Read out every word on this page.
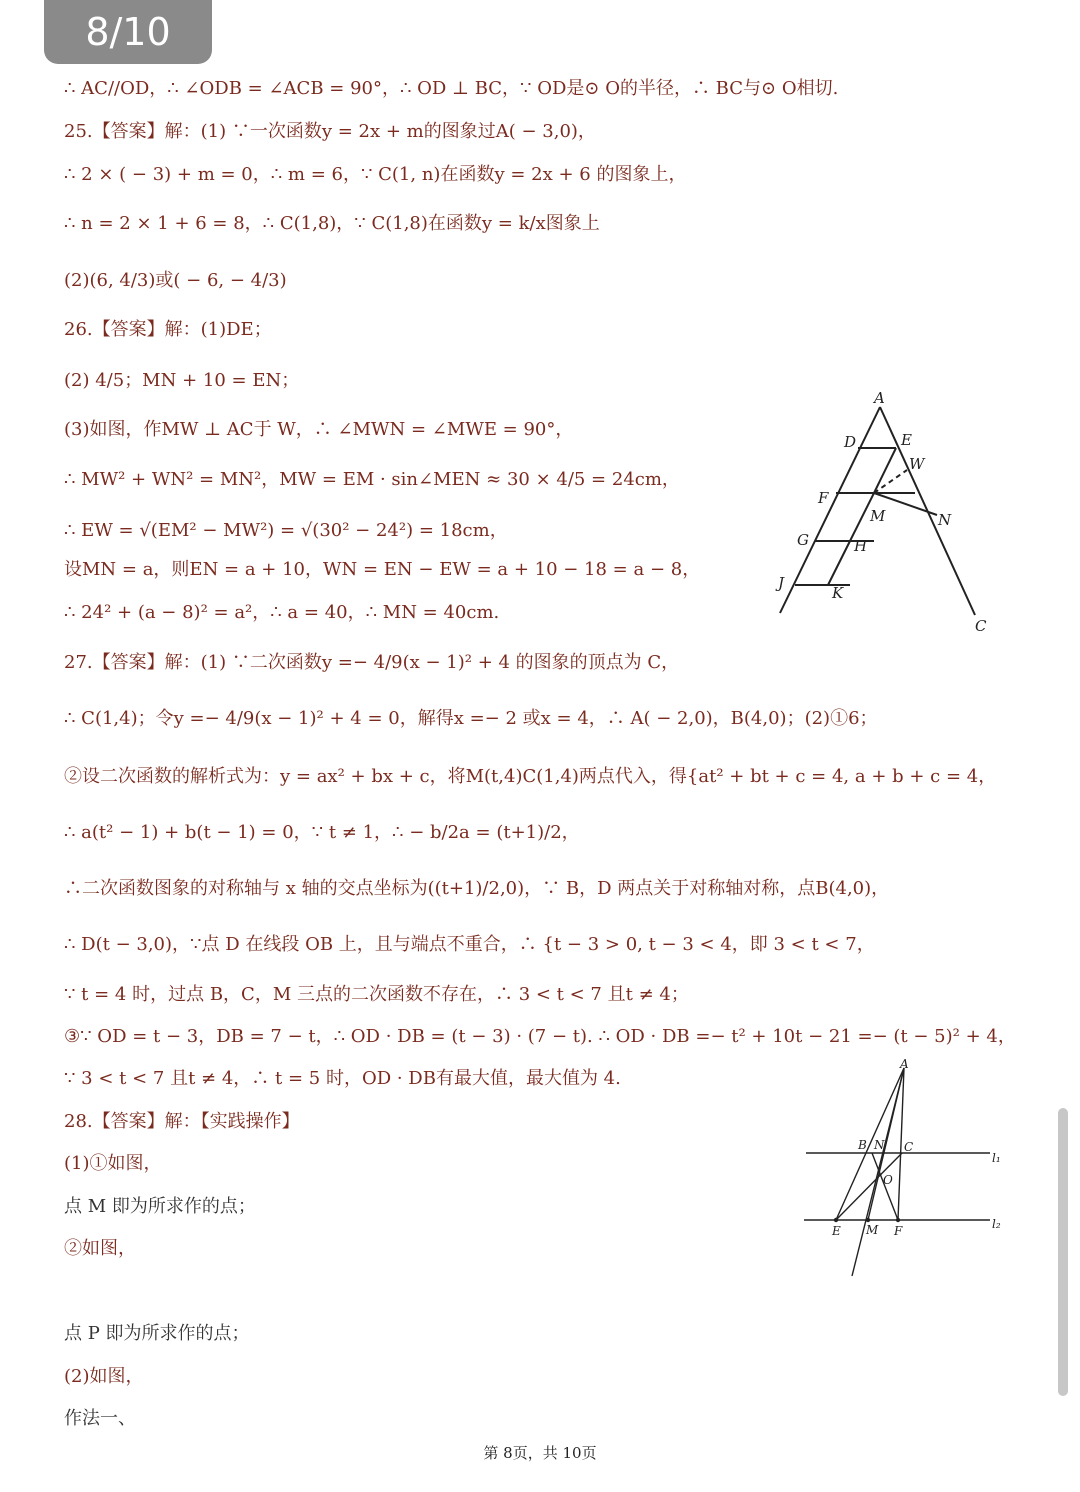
8/10
∴ AC//OD，∴ ∠ODB = ∠ACB = 90°，∴ OD ⊥ BC，∵ OD是⊙ O的半径，∴ BC与⊙ O相切.
25.【答案】解：(1) ∵一次函数y = 2x + m的图象过A( − 3,0)，
∴ 2 × ( − 3) + m = 0，∴ m = 6，∵ C(1, n)在函数y = 2x + 6 的图象上，
∴ n = 2 × 1 + 6 = 8，∴ C(1,8)，∵ C(1,8)在函数y = k/x图象上
(2)(6, 4/3)或( − 6, − 4/3)
26.【答案】解：(1)DE；
(2) 4/5；MN + 10 = EN；
(3)如图，作MW ⊥ AC于 W，∴ ∠MWN = ∠MWE = 90°，
∴ MW² + WN² = MN²，MW = EM · sin∠MEN ≈ 30 × 4/5 = 24cm，
∴ EW = √(EM² − MW²) = √(30² − 24²) = 18cm，
设MN = a，则EN = a + 10，WN = EN − EW = a + 10 − 18 = a − 8，
∴ 24² + (a − 8)² = a²，∴ a = 40，∴ MN = 40cm.
27.【答案】解：(1) ∵二次函数y =− 4/9(x − 1)² + 4 的图象的顶点为 C，
∴ C(1,4)；令y =− 4/9(x − 1)² + 4 = 0，解得x =− 2 或x = 4，∴ A( − 2,0)，B(4,0)；(2)①6；
②设二次函数的解析式为：y = ax² + bx + c，将M(t,4)C(1,4)两点代入，得{at² + bt + c = 4, a + b + c = 4，
∴ a(t² − 1) + b(t − 1) = 0，∵ t ≠ 1，∴ − b/2a = (t+1)/2，
∴二次函数图象的对称轴与 x 轴的交点坐标为((t+1)/2,0)，∵ B，D 两点关于对称轴对称，点B(4,0)，
∴ D(t − 3,0)，∵点 D 在线段 OB 上，且与端点不重合，∴ {t − 3 > 0, t − 3 < 4，即 3 < t < 7，
∵ t = 4 时，过点 B，C，M 三点的二次函数不存在，∴ 3 < t < 7 且t ≠ 4；
③∵ OD = t − 3，DB = 7 − t，∴ OD · DB = (t − 3) · (7 − t). ∴ OD · DB =− t² + 10t − 21 =− (t − 5)² + 4，
∵ 3 < t < 7 且t ≠ 4，∴ t = 5 时，OD · DB有最大值，最大值为 4.
28.【答案】解：【实践操作】
(1)①如图，
点 M 即为所求作的点；
②如图，
点 P 即为所求作的点；
(2)如图，
作法一、
A
D	E
W
F
M	N
G	H
J
K
C
A
B N C
O
E M F
l₁
l₂
第 8页，共 10页
